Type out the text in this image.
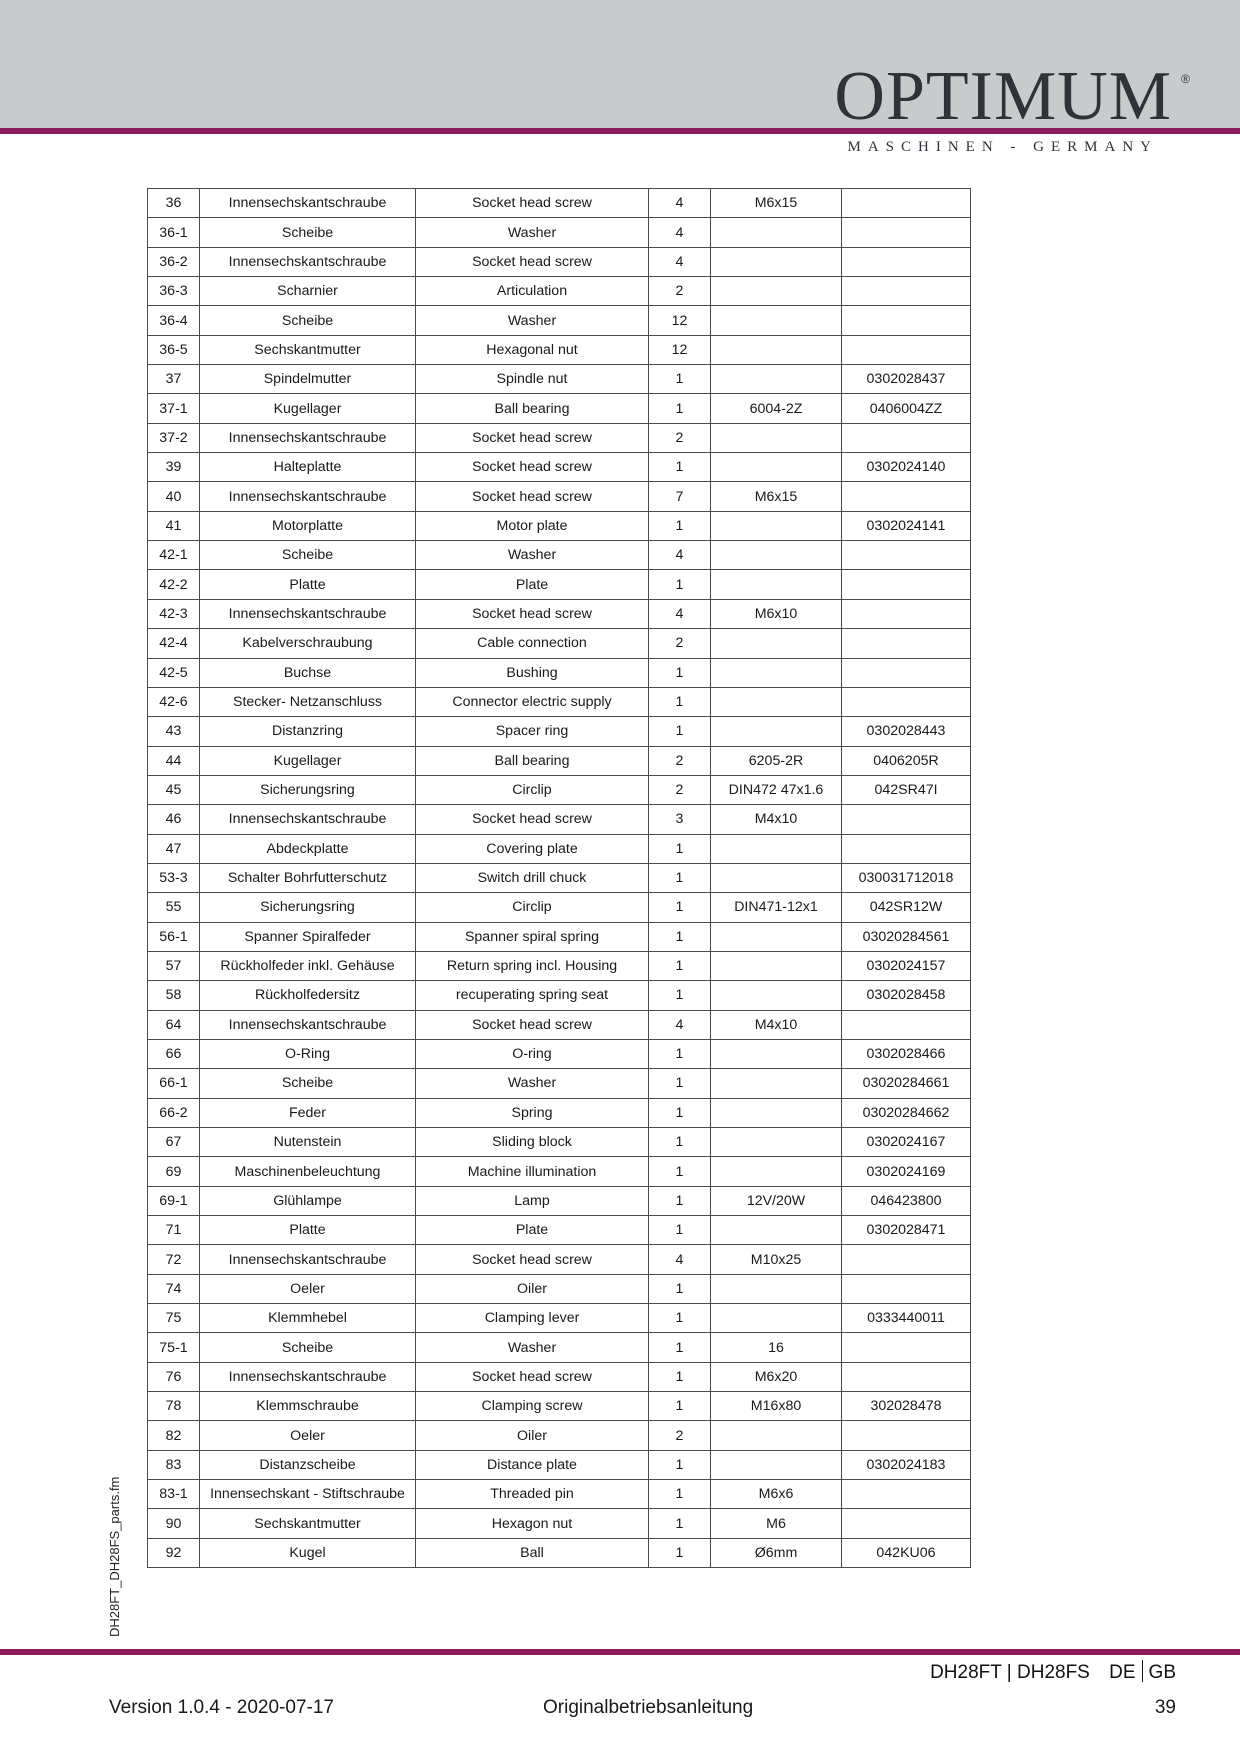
OPTIMUM ®
MASCHINEN - GERMANY
DH28FT_DH28FS_parts.fm
36	Innensechskantschraube	Socket head screw	4	M6x15	
36-1	Scheibe	Washer	4		
36-2	Innensechskantschraube	Socket head screw	4		
36-3	Scharnier	Articulation	2		
36-4	Scheibe	Washer	12		
36-5	Sechskantmutter	Hexagonal nut	12		
37	Spindelmutter	Spindle nut	1		0302028437
37-1	Kugellager	Ball bearing	1	6004-2Z	0406004ZZ
37-2	Innensechskantschraube	Socket head screw	2		
39	Halteplatte	Socket head screw	1		0302024140
40	Innensechskantschraube	Socket head screw	7	M6x15	
41	Motorplatte	Motor plate	1		0302024141
42-1	Scheibe	Washer	4		
42-2	Platte	Plate	1		
42-3	Innensechskantschraube	Socket head screw	4	M6x10	
42-4	Kabelverschraubung	Cable connection	2		
42-5	Buchse	Bushing	1		
42-6	Stecker- Netzanschluss	Connector electric supply	1		
43	Distanzring	Spacer ring	1		0302028443
44	Kugellager	Ball bearing	2	6205-2R	0406205R
45	Sicherungsring	Circlip	2	DIN472 47x1.6	042SR47I
46	Innensechskantschraube	Socket head screw	3	M4x10	
47	Abdeckplatte	Covering plate	1		
53-3	Schalter Bohrfutterschutz	Switch drill chuck	1		030031712018
55	Sicherungsring	Circlip	1	DIN471-12x1	042SR12W
56-1	Spanner Spiralfeder	Spanner spiral spring	1		03020284561
57	Rückholfeder inkl. Gehäuse	Return spring incl. Housing	1		0302024157
58	Rückholfedersitz	recuperating spring seat	1		0302028458
64	Innensechskantschraube	Socket head screw	4	M4x10	
66	O-Ring	O-ring	1		0302028466
66-1	Scheibe	Washer	1		03020284661
66-2	Feder	Spring	1		03020284662
67	Nutenstein	Sliding block	1		0302024167
69	Maschinenbeleuchtung	Machine illumination	1		0302024169
69-1	Glühlampe	Lamp	1	12V/20W	046423800
71	Platte	Plate	1		0302028471
72	Innensechskantschraube	Socket head screw	4	M10x25	
74	Oeler	Oiler	1		
75	Klemmhebel	Clamping lever	1		0333440011
75-1	Scheibe	Washer	1	16	
76	Innensechskantschraube	Socket head screw	1	M6x20	
78	Klemmschraube	Clamping screw	1	M16x80	302028478
82	Oeler	Oiler	2		
83	Distanzscheibe	Distance plate	1		0302024183
83-1	Innensechskant - Stiftschraube	Threaded pin	1	M6x6	
90	Sechskantmutter	Hexagon nut	1	M6	
92	Kugel	Ball	1	Ø6mm	042KU06
DH28FT | DH28FS DE GB
Version 1.0.4 - 2020-07-17	Originalbetriebsanleitung	39
